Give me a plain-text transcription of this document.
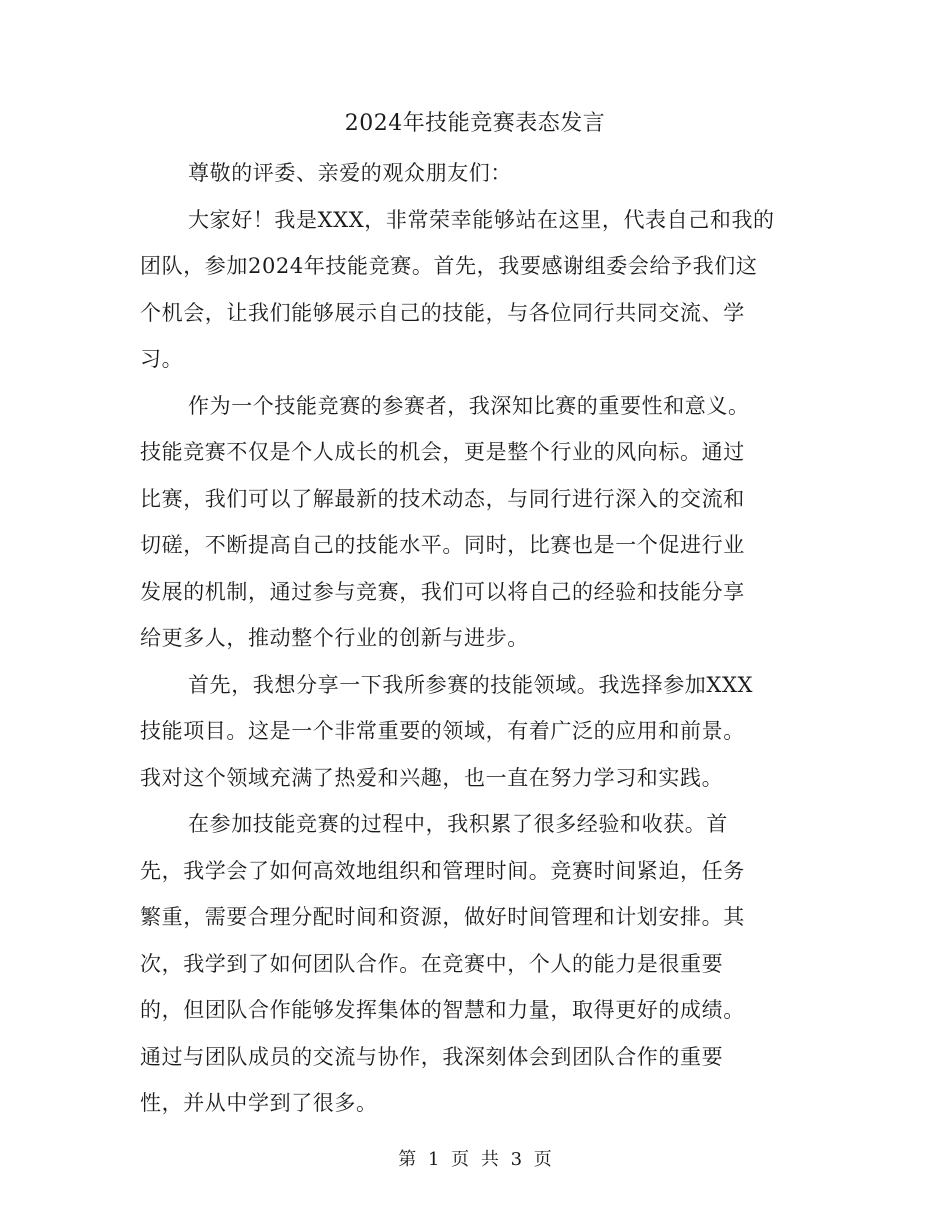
2024年技能竞赛表态发言
尊敬的评委、亲爱的观众朋友们：
大家好！我是XXX，非常荣幸能够站在这里，代表自己和我的
团队，参加2024年技能竞赛。首先，我要感谢组委会给予我们这
个机会，让我们能够展示自己的技能，与各位同行共同交流、学
习。
作为一个技能竞赛的参赛者，我深知比赛的重要性和意义。
技能竞赛不仅是个人成长的机会，更是整个行业的风向标。通过
比赛，我们可以了解最新的技术动态，与同行进行深入的交流和
切磋，不断提高自己的技能水平。同时，比赛也是一个促进行业
发展的机制，通过参与竞赛，我们可以将自己的经验和技能分享
给更多人，推动整个行业的创新与进步。
首先，我想分享一下我所参赛的技能领域。我选择参加XXX
技能项目。这是一个非常重要的领域，有着广泛的应用和前景。
我对这个领域充满了热爱和兴趣，也一直在努力学习和实践。
在参加技能竞赛的过程中，我积累了很多经验和收获。首
先，我学会了如何高效地组织和管理时间。竞赛时间紧迫，任务
繁重，需要合理分配时间和资源，做好时间管理和计划安排。其
次，我学到了如何团队合作。在竞赛中，个人的能力是很重要
的，但团队合作能够发挥集体的智慧和力量，取得更好的成绩。
通过与团队成员的交流与协作，我深刻体会到团队合作的重要
性，并从中学到了很多。
第 1 页 共 3 页
